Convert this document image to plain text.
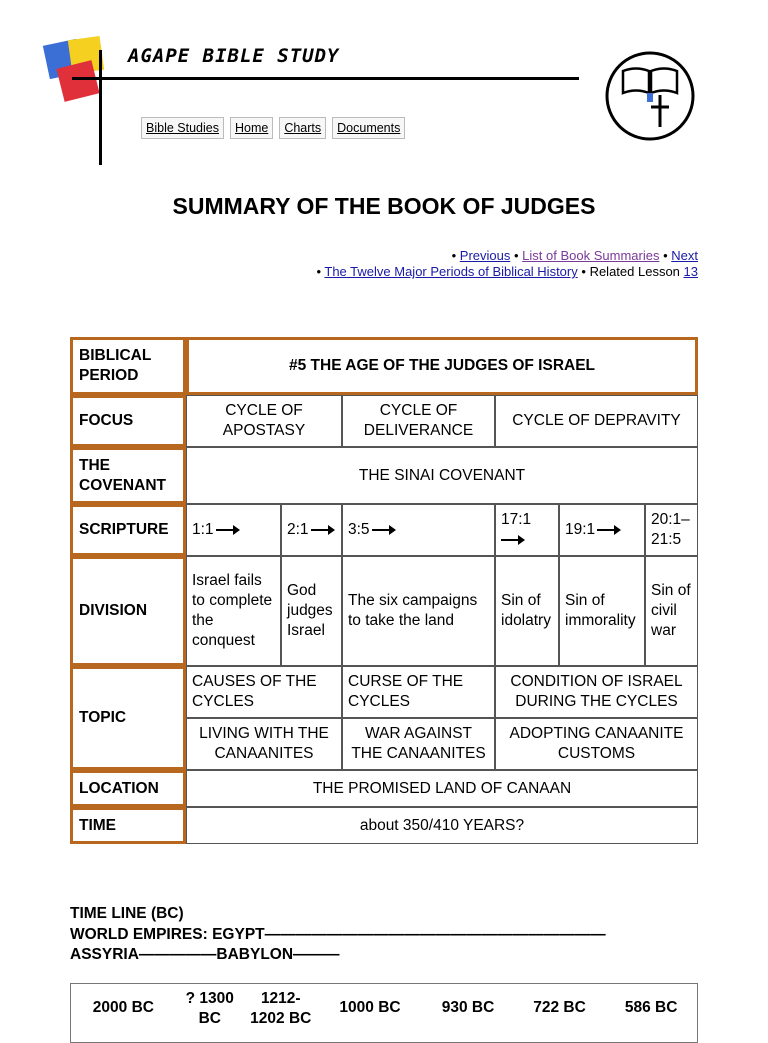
AGAPE BIBLE STUDY
Bible Studies	Home	Charts	Documents
SUMMARY OF THE BOOK OF JUDGES
• Previous • List of Book Summaries • Next
• The Twelve Major Periods of Biblical History • Related Lesson 13
BIBLICAL PERIOD	#5 THE AGE OF THE JUDGES OF ISRAEL					
FOCUS	CYCLE OF APOSTASY		CYCLE OF DELIVERANCE	CYCLE OF DEPRAVITY		
THE COVENANT	THE SINAI COVENANT					
SCRIPTURE	1:1	2:1	3:5	17:1	19:1	20:1–21:5
DIVISION	Israel fails to complete the conquest	God judges Israel	The six campaigns to take the land	Sin of idolatry	Sin of immorality	Sin of civil war
TOPIC	CAUSES OF THE CYCLES		CURSE OF THE CYCLES	CONDITION OF ISRAEL DURING THE CYCLES		
	LIVING WITH THE CANAANITES		WAR AGAINST THE CANAANITES	ADOPTING CANAANITE CUSTOMS		
LOCATION	THE PROMISED LAND OF CANAAN					
TIME	about 350/410 YEARS?					
TIME LINE (BC)
WORLD EMPIRES: EGYPT——————————————————————
ASSYRIA—————BABYLON———
2000 BC	? 1300 BC	1212-1202 BC	1000 BC	930 BC	722 BC	586 BC
